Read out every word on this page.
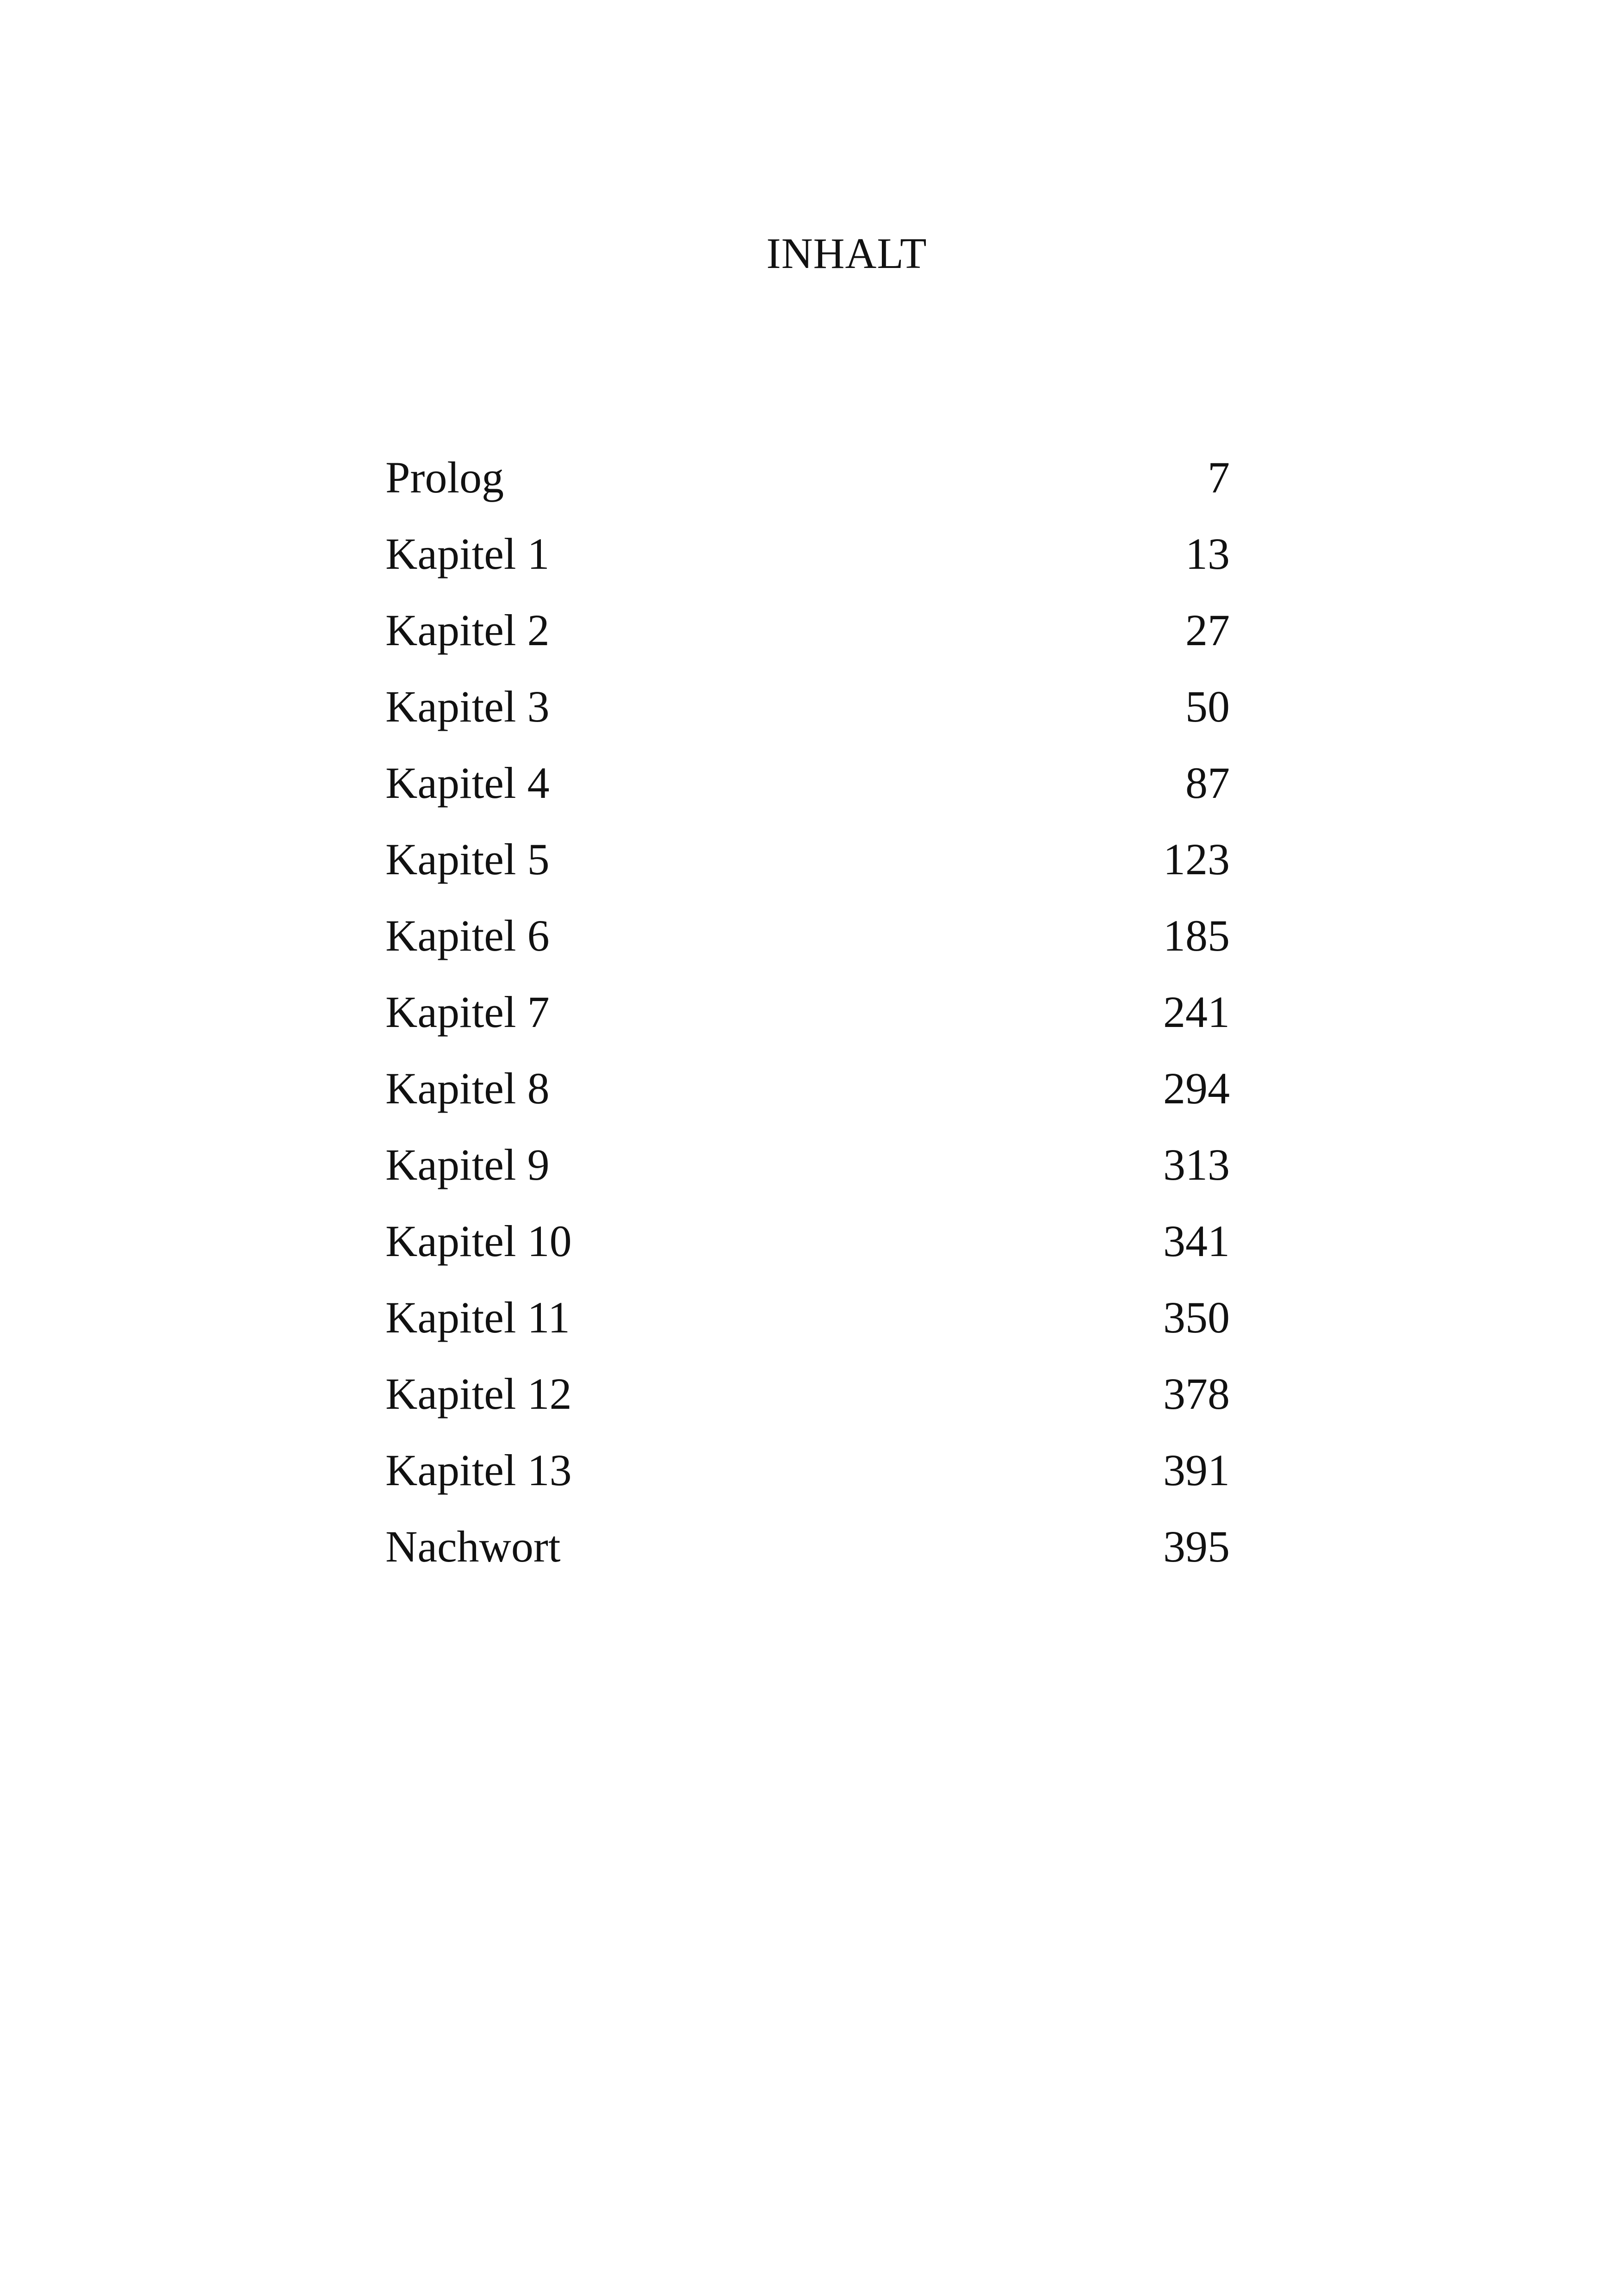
INHALT
Prolog	7
Kapitel 1	13
Kapitel 2	27
Kapitel 3	50
Kapitel 4	87
Kapitel 5	123
Kapitel 6	185
Kapitel 7	241
Kapitel 8	294
Kapitel 9	313
Kapitel 10	341
Kapitel 11	350
Kapitel 12	378
Kapitel 13	391
Nachwort	395
